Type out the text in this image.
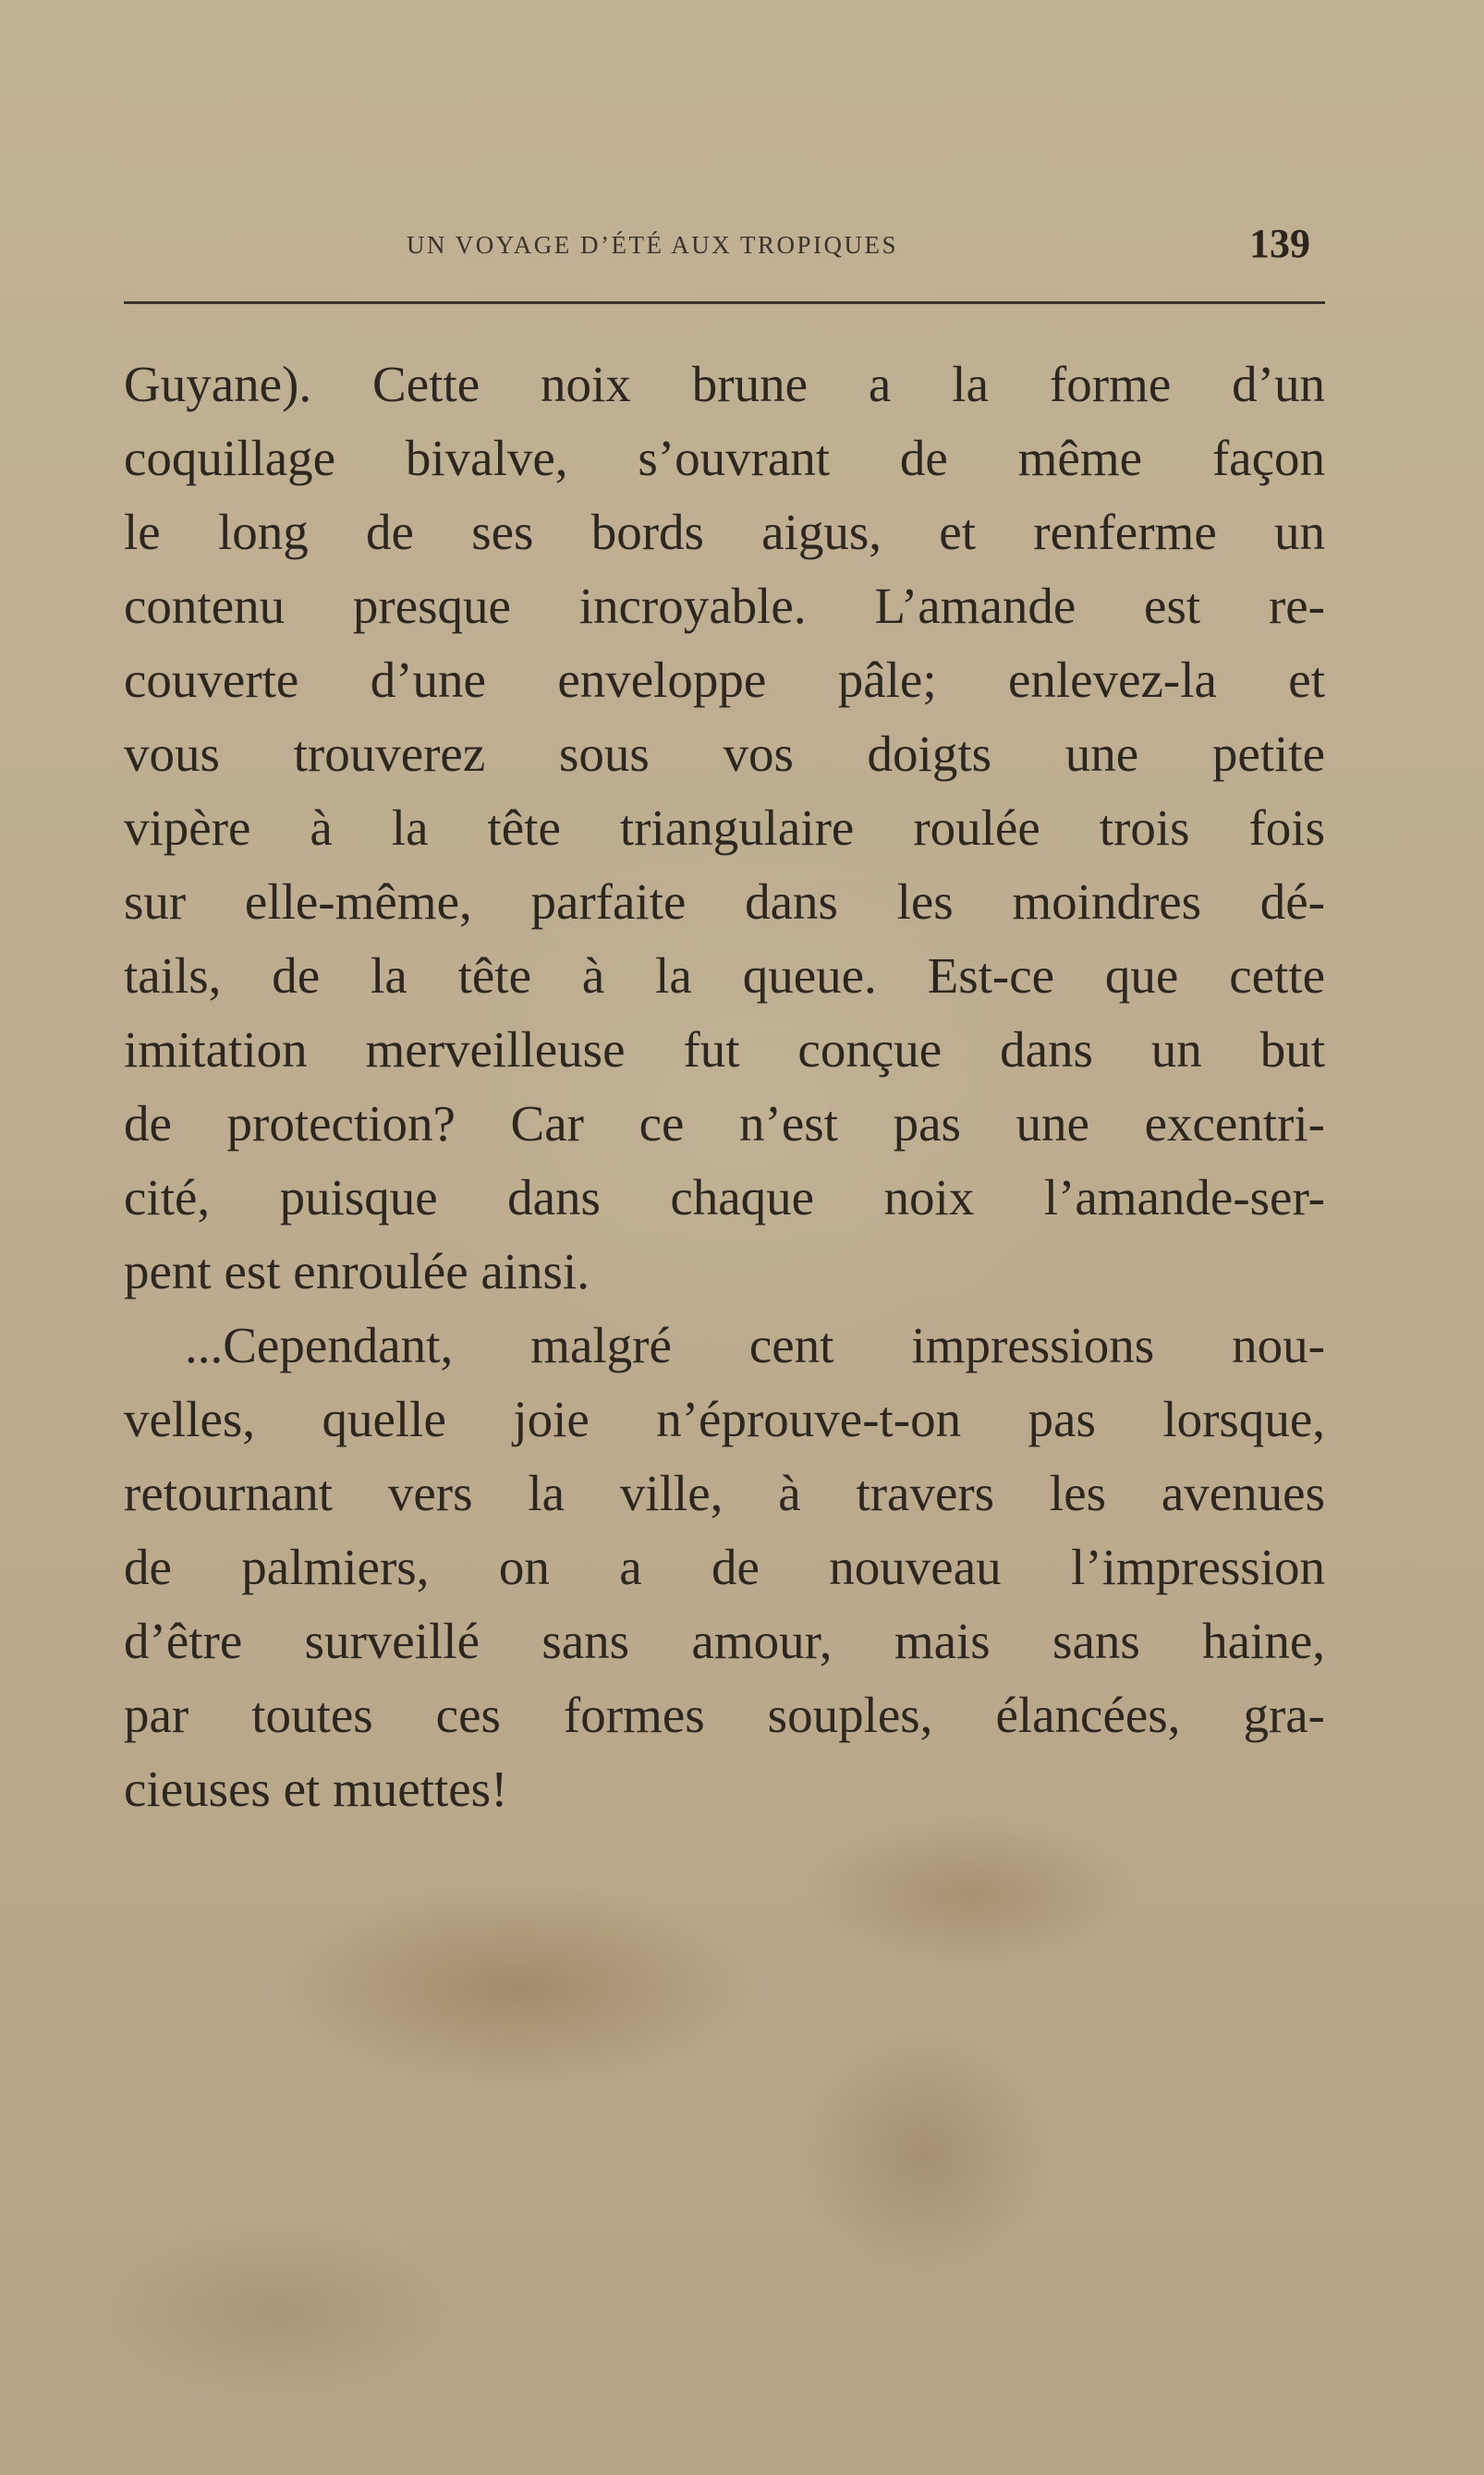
UN VOYAGE D’ÉTÉ AUX TROPIQUES	139
Guyane). Cette noix brune a la forme d’un
coquillage bivalve, s’ouvrant de même façon
le long de ses bords aigus, et renferme un
contenu presque incroyable. L’amande est re-
couverte d’une enveloppe pâle; enlevez-la et
vous trouverez sous vos doigts une petite
vipère à la tête triangulaire roulée trois fois
sur elle-même, parfaite dans les moindres dé-
tails, de la tête à la queue. Est-ce que cette
imitation merveilleuse fut conçue dans un but
de protection? Car ce n’est pas une excentri-
cité, puisque dans chaque noix l’amande-ser-
pent est enroulée ainsi.
...Cependant, malgré cent impressions nou-
velles, quelle joie n’éprouve-t-on pas lorsque,
retournant vers la ville, à travers les avenues
de palmiers, on a de nouveau l’impression
d’être surveillé sans amour, mais sans haine,
par toutes ces formes souples, élancées, gra-
cieuses et muettes!
